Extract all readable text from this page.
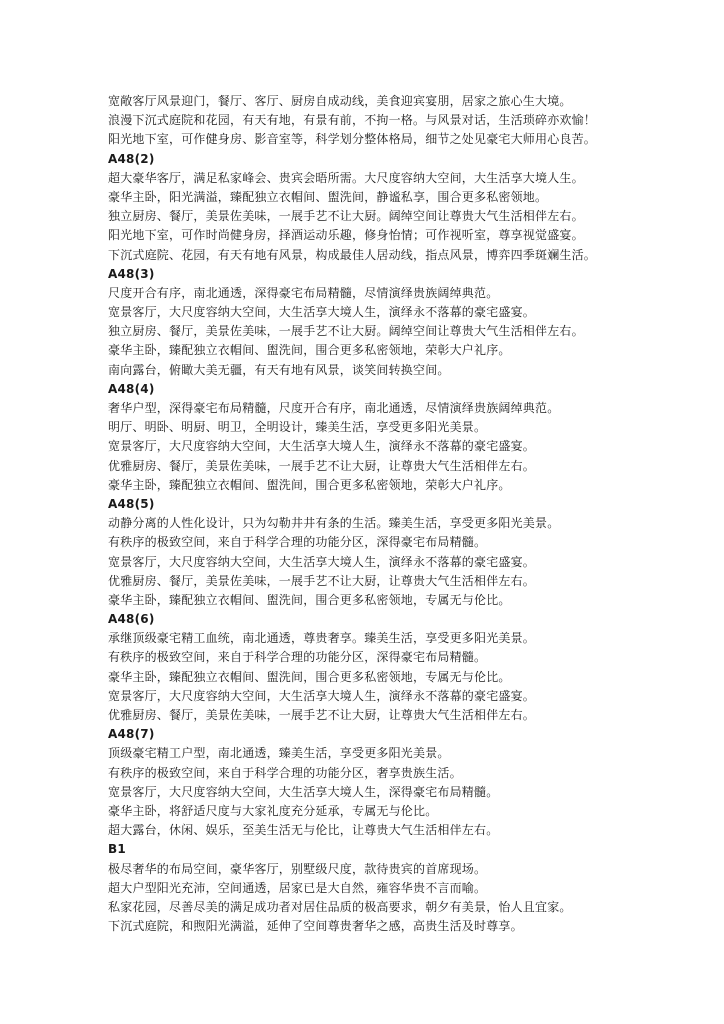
宽敞客厅风景迎门，餐厅、客厅、厨房自成动线，美食迎宾宴朋，居家之旅心生大境。
浪漫下沉式庭院和花园，有天有地，有景有前，不拘一格。与风景对话，生活琐碎亦欢愉！
阳光地下室，可作健身房、影音室等，科学划分整体格局，细节之处见豪宅大师用心良苦。
A48(2)
超大豪华客厅，满足私家峰会、贵宾会晤所需。大尺度容纳大空间，大生活享大境人生。
豪华主卧，阳光满溢，臻配独立衣帽间、盥洗间，静谧私享，围合更多私密领地。
独立厨房、餐厅，美景佐美味，一展手艺不让大厨。阔绰空间让尊贵大气生活相伴左右。
阳光地下室，可作时尚健身房，择酒运动乐趣，修身怡情；可作视听室，尊享视觉盛宴。
下沉式庭院、花园，有天有地有风景，构成最佳人居动线，指点风景，博弈四季斑斓生活。
A48(3)
尺度开合有序，南北通透，深得豪宅布局精髓，尽情演绎贵族阔绰典范。
宽景客厅，大尺度容纳大空间，大生活享大境人生，演绎永不落幕的豪宅盛宴。
独立厨房、餐厅，美景佐美味，一展手艺不让大厨。阔绰空间让尊贵大气生活相伴左右。
豪华主卧，臻配独立衣帽间、盥洗间，围合更多私密领地，荣彰大户礼序。
南向露台，俯瞰大美无疆，有天有地有风景，谈笑间转换空间。
A48(4)
奢华户型，深得豪宅布局精髓，尺度开合有序，南北通透，尽情演绎贵族阔绰典范。
明厅、明卧、明厨、明卫，全明设计，臻美生活，享受更多阳光美景。
宽景客厅，大尺度容纳大空间，大生活享大境人生，演绎永不落幕的豪宅盛宴。
优雅厨房、餐厅，美景佐美味，一展手艺不让大厨，让尊贵大气生活相伴左右。
豪华主卧，臻配独立衣帽间、盥洗间，围合更多私密领地，荣彰大户礼序。
A48(5)
动静分离的人性化设计，只为勾勒井井有条的生活。臻美生活，享受更多阳光美景。
有秩序的极致空间，来自于科学合理的功能分区，深得豪宅布局精髓。
宽景客厅，大尺度容纳大空间，大生活享大境人生，演绎永不落幕的豪宅盛宴。
优雅厨房、餐厅，美景佐美味，一展手艺不让大厨，让尊贵大气生活相伴左右。
豪华主卧，臻配独立衣帽间、盥洗间，围合更多私密领地，专属无与伦比。
A48(6)
承继顶级豪宅精工血统，南北通透，尊贵奢享。臻美生活，享受更多阳光美景。
有秩序的极致空间，来自于科学合理的功能分区，深得豪宅布局精髓。
豪华主卧，臻配独立衣帽间、盥洗间，围合更多私密领地，专属无与伦比。
宽景客厅，大尺度容纳大空间，大生活享大境人生，演绎永不落幕的豪宅盛宴。
优雅厨房、餐厅，美景佐美味，一展手艺不让大厨，让尊贵大气生活相伴左右。
A48(7)
顶级豪宅精工户型，南北通透，臻美生活，享受更多阳光美景。
有秩序的极致空间，来自于科学合理的功能分区，奢享贵族生活。
宽景客厅，大尺度容纳大空间，大生活享大境人生，深得豪宅布局精髓。
豪华主卧，将舒适尺度与大家礼度充分延承，专属无与伦比。
超大露台，休闲、娱乐，至美生活无与伦比，让尊贵大气生活相伴左右。
B1
极尽奢华的布局空间，豪华客厅，别墅级尺度，款待贵宾的首席现场。
超大户型阳光充沛，空间通透，居家已是大自然，雍容华贵不言而喻。
私家花园，尽善尽美的满足成功者对居住品质的极高要求，朝夕有美景，怡人且宜家。
下沉式庭院，和煦阳光满溢，延伸了空间尊贵奢华之感，高贵生活及时尊享。
